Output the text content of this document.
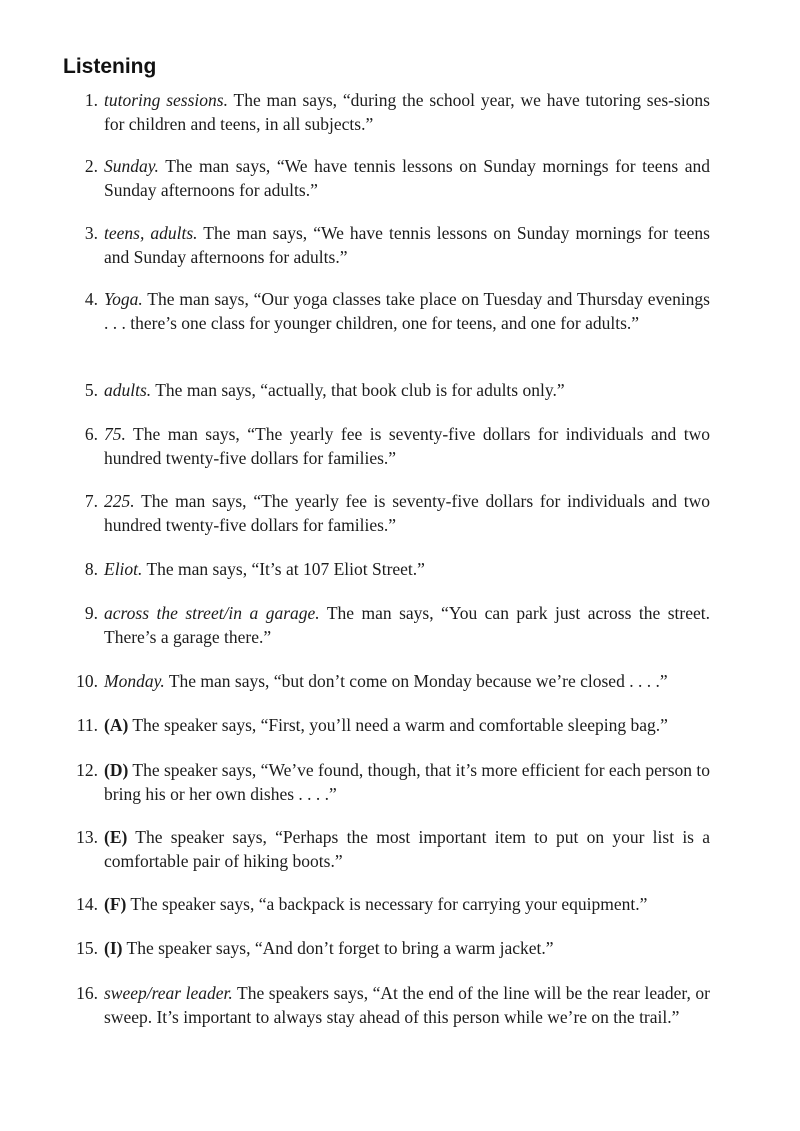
Listening
1. tutoring sessions. The man says, “during the school year, we have tutoring ses-sions for children and teens, in all subjects.”
2. Sunday. The man says, “We have tennis lessons on Sunday mornings for teens and Sunday afternoons for adults.”
3. teens, adults. The man says, “We have tennis lessons on Sunday mornings for teens and Sunday afternoons for adults.”
4. Yoga. The man says, “Our yoga classes take place on Tuesday and Thursday evenings . . . there’s one class for younger children, one for teens, and one for adults.”
5. adults. The man says, “actually, that book club is for adults only.”
6. 75. The man says, “The yearly fee is seventy-five dollars for individuals and two hundred twenty-five dollars for families.”
7. 225. The man says, “The yearly fee is seventy-five dollars for individuals and two hundred twenty-five dollars for families.”
8. Eliot. The man says, “It’s at 107 Eliot Street.”
9. across the street/in a garage. The man says, “You can park just across the street. There’s a garage there.”
10. Monday. The man says, “but don’t come on Monday because we’re closed . . . .”
11. (A) The speaker says, “First, you’ll need a warm and comfortable sleeping bag.”
12. (D) The speaker says, “We’ve found, though, that it’s more efficient for each person to bring his or her own dishes . . . .”
13. (E) The speaker says, “Perhaps the most important item to put on your list is a comfortable pair of hiking boots.”
14. (F) The speaker says, “a backpack is necessary for carrying your equipment.”
15. (I) The speaker says, “And don’t forget to bring a warm jacket.”
16. sweep/rear leader. The speakers says, “At the end of the line will be the rear leader, or sweep. It’s important to always stay ahead of this person while we’re on the trail.”
